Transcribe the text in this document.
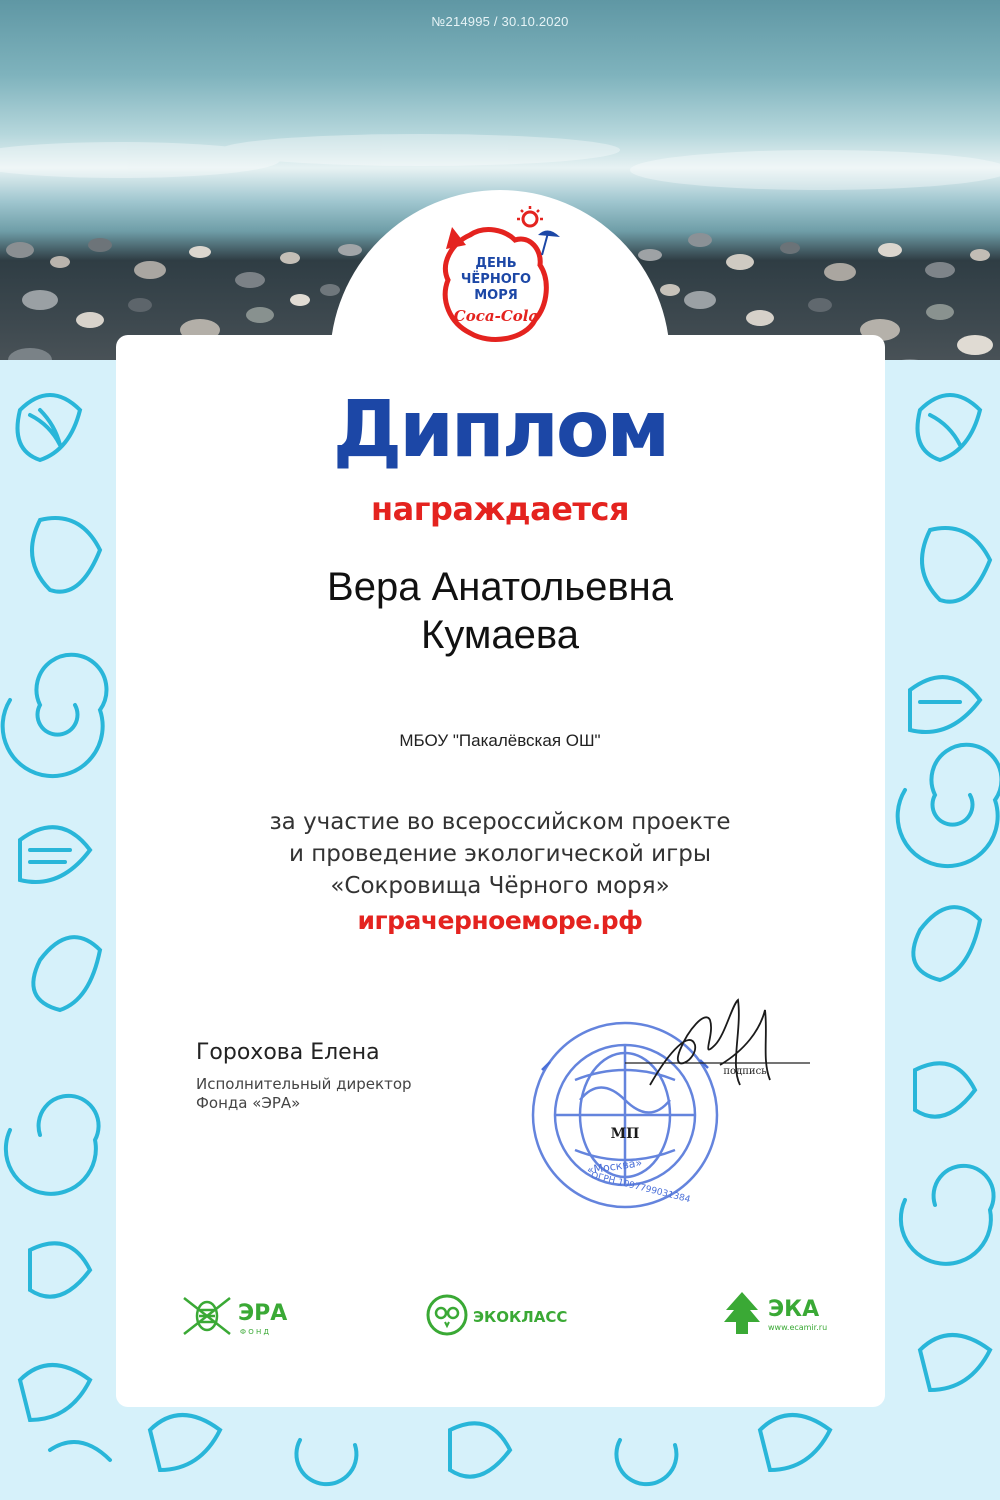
№214995 / 30.10.2020
ДЕНЬ
ЧЁРНОГО
МОРЯ
Coca-Cola
Диплом
награждается
Вера Анатольевна
Кумаева
МБОУ "Пакалёвская ОШ"
за участие во всероссийском проекте
и проведение экологической игры
«Сокровища Чёрного моря»
играчерноеморе.рф
Горохова Елена
Исполнительный директор
Фонда «ЭРА»
МП
«Москва»
ОГРН 1097799031384
подпись
ЭРА
Ф О Н Д
ЭКОКЛАСС	ЭКА
www.ecamir.ru
